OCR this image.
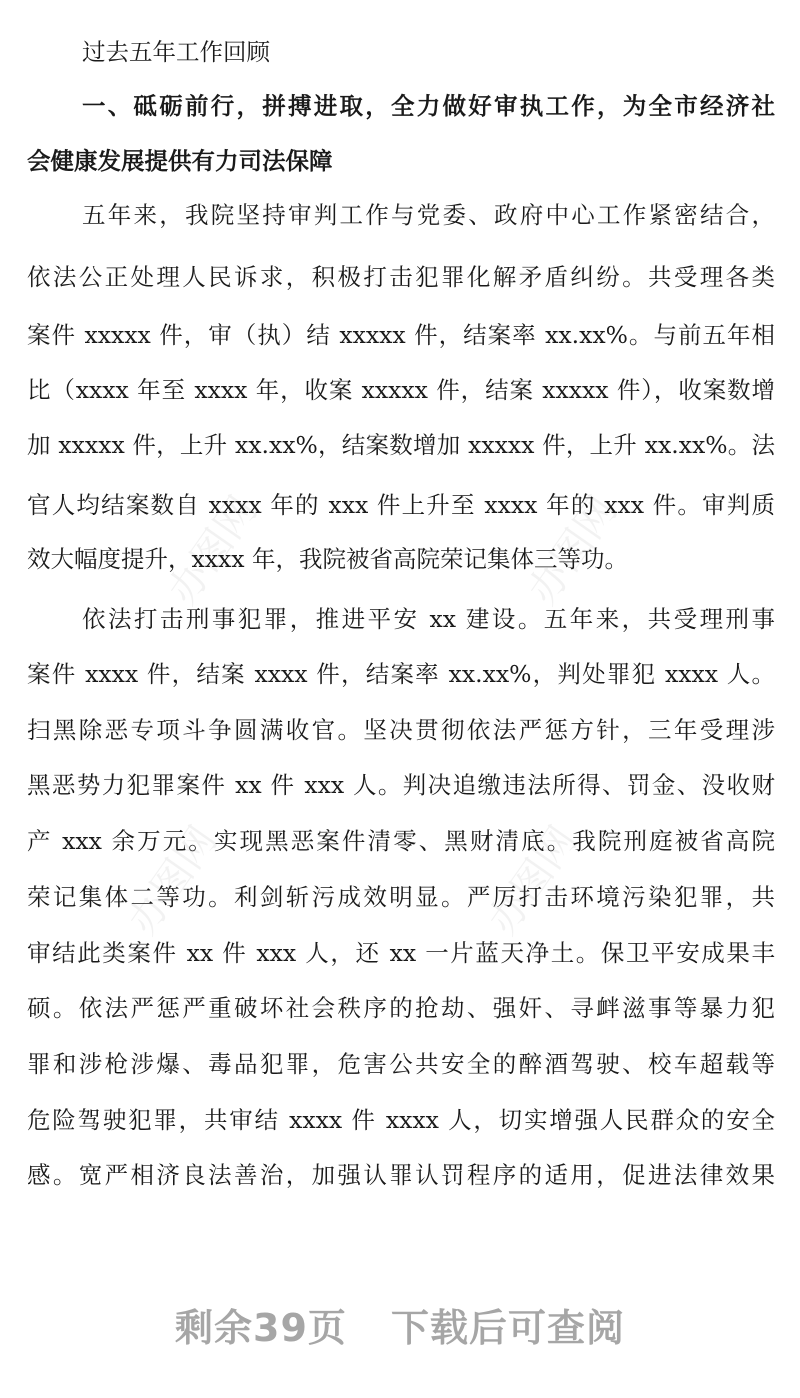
办图网	办图网
办图网	办图网
过去五年工作回顾
一、砥砺前行，拼搏进取，全力做好审执工作，为全市经济社
会健康发展提供有力司法保障
五年来，我院坚持审判工作与党委、政府中心工作紧密结合，
依法公正处理人民诉求，积极打击犯罪化解矛盾纠纷。共受理各类
案件 xxxxx 件，审（执）结 xxxxx 件，结案率 xx.xx%。与前五年相
比（xxxx 年至 xxxx 年，收案 xxxxx 件，结案 xxxxx 件），收案数增
加 xxxxx 件，上升 xx.xx%，结案数增加 xxxxx 件，上升 xx.xx%。法
官人均结案数自 xxxx 年的 xxx 件上升至 xxxx 年的 xxx 件。审判质
效大幅度提升，xxxx 年，我院被省高院荣记集体三等功。
依法打击刑事犯罪，推进平安 xx 建设。五年来，共受理刑事
案件 xxxx 件，结案 xxxx 件，结案率 xx.xx%，判处罪犯 xxxx 人。
扫黑除恶专项斗争圆满收官。坚决贯彻依法严惩方针，三年受理涉
黑恶势力犯罪案件 xx 件 xxx 人。判决追缴违法所得、罚金、没收财
产 xxx 余万元。实现黑恶案件清零、黑财清底。我院刑庭被省高院
荣记集体二等功。利剑斩污成效明显。严厉打击环境污染犯罪，共
审结此类案件 xx 件 xxx 人，还 xx 一片蓝天净土。保卫平安成果丰
硕。依法严惩严重破坏社会秩序的抢劫、强奸、寻衅滋事等暴力犯
罪和涉枪涉爆、毒品犯罪，危害公共安全的醉酒驾驶、校车超载等
危险驾驶犯罪，共审结 xxxx 件 xxxx 人，切实增强人民群众的安全
感。宽严相济良法善治，加强认罪认罚程序的适用，促进法律效果
剩余39页 下载后可查阅
